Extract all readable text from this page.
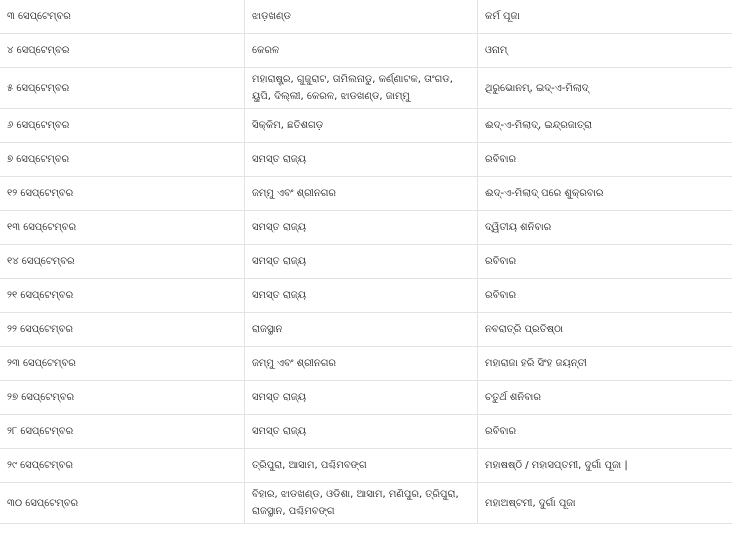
୩ ସେପ୍ଟେମ୍ବର	ଝାଡ଼ଖଣ୍ଡ	କର୍ମ ପୂଜା
୪ ସେପ୍ଟେମ୍ବର	କେରଳ	ଓନାମ୍
୫ ସେପ୍ଟେମ୍ବର	ମହାରାଷ୍ଟ୍ର, ଗୁଜୁରାଟ, ତାମିଲନାଡୁ, କର୍ଣ୍ଣାଟକ, ତାଂଗଡ, ୟୁପି, ଦିଲ୍ଲୀ, କେରଳ, ଝାଡଖଣ୍ଡ, ଜାମ୍ମୁ	ଥିରୁଭୋନମ୍, ଇଦ୍-ଏ-ମିଲାଦ୍
୬ ସେପ୍ଟେମ୍ବର	ସିକ୍କିମ, ଛତିଶଗଡ଼	ଈଦ୍-ଏ-ମିଲାଦ୍, ଇନ୍ଦ୍ରଜାତ୍ରା
୭ ସେପ୍ଟେମ୍ବର	ସମସ୍ତ ରାଜ୍ୟ	ରବିବାର
୧୨ ସେପ୍ଟେମ୍ବର	ଜମ୍ମୁ ଏବଂ ଶ୍ରୀନଗର	ଈଦ୍-ଏ-ମିଲାଦ୍ ପରେ ଶୁକ୍ରବାର
୧୩ ସେପ୍ଟେମ୍ବର	ସମସ୍ତ ରାଜ୍ୟ	ଦ୍ୱିତୀୟ ଶନିବାର
୧୪ ସେପ୍ଟେମ୍ବର	ସମସ୍ତ ରାଜ୍ୟ	ରବିବାର
୨୧ ସେପ୍ଟେମ୍ବର	ସମସ୍ତ ରାଜ୍ୟ	ରବିବାର
୨୨ ସେପ୍ଟେମ୍ବର	ରାଜସ୍ଥାନ	ନବରାତ୍ରି ପ୍ରତିଷ୍ଠା
୨୩ ସେପ୍ଟେମ୍ବର	ଜମ୍ମୁ ଏବଂ ଶ୍ରୀନଗର	ମହାରାଜା ହରି ସିଂହ ଜୟନ୍ତୀ
୨୭ ସେପ୍ଟେମ୍ବର	ସମସ୍ତ ରାଜ୍ୟ	ଚତୁର୍ଥ ଶନିବାର
୨୮ ସେପ୍ଟେମ୍ବର	ସମସ୍ତ ରାଜ୍ୟ	ରବିବାର
୨୯ ସେପ୍ଟେମ୍ବର	ତ୍ରିପୁରା, ଆସାମ, ପଶ୍ଚିମବଙ୍ଗ	ମହାଷଷ୍ଠି / ମହାସପ୍ତମୀ, ଦୁର୍ଗା ପୂଜା |
୩୦ ସେପ୍ଟେମ୍ବର	ବିହାର, ଝାଡଖଣ୍ଡ, ଓଡିଶା, ଆସାମ, ମଣିପୁର, ତ୍ରିପୁରା, ରାଜସ୍ଥାନ, ପଶ୍ଚିମବଙ୍ଗ	ମହାଅଷ୍ଟମୀ, ଦୁର୍ଗା ପୂଜା
